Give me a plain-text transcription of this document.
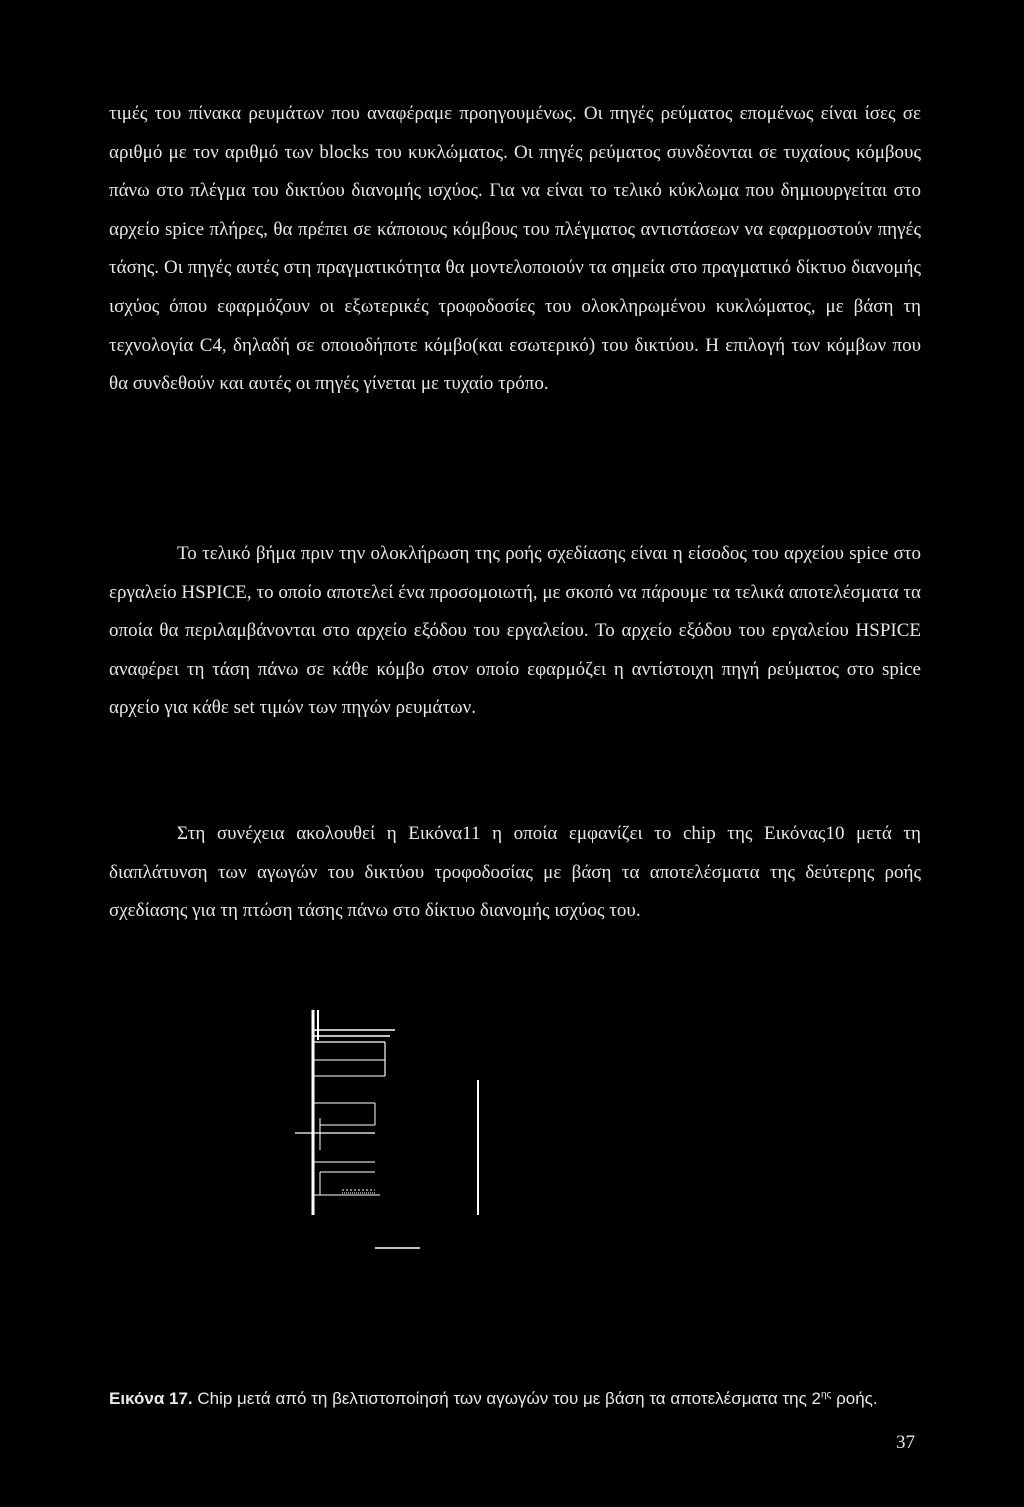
τιμές του πίνακα ρευμάτων που αναφέραμε προηγουμένως. Οι πηγές ρεύματος επομένως είναι ίσες σε αριθμό με τον αριθμό των blocks του κυκλώματος. Οι πηγές ρεύματος συνδέονται σε τυχαίους κόμβους πάνω στο πλέγμα του δικτύου διανομής ισχύος. Για να είναι το τελικό κύκλωμα που δημιουργείται στο αρχείο spice πλήρες, θα πρέπει σε κάποιους κόμβους του πλέγματος αντιστάσεων να εφαρμοστούν πηγές τάσης. Οι πηγές αυτές στη πραγματικότητα θα μοντελοποιούν τα σημεία στο πραγματικό δίκτυο διανομής ισχύος όπου εφαρμόζουν οι εξωτερικές τροφοδοσίες του ολοκληρωμένου κυκλώματος, με βάση τη τεχνολογία C4, δηλαδή σε οποιοδήποτε κόμβο(και εσωτερικό) του δικτύου. Η επιλογή των κόμβων που θα συνδεθούν και αυτές οι πηγές γίνεται με τυχαίο τρόπο.

Το τελικό βήμα πριν την ολοκλήρωση της ροής σχεδίασης είναι η είσοδος του αρχείου spice στο εργαλείο HSPICE, το οποίο αποτελεί ένα προσομοιωτή, με σκοπό να πάρουμε τα τελικά αποτελέσματα τα οποία θα περιλαμβάνονται στο αρχείο εξόδου του εργαλείου. Το αρχείο εξόδου του εργαλείου HSPICE αναφέρει τη τάση πάνω σε κάθε κόμβο στον οποίο εφαρμόζει η αντίστοιχη πηγή ρεύματος στο spice αρχείο για κάθε set τιμών των πηγών ρευμάτων.

Στη συνέχεια ακολουθεί η Εικόνα11 η οποία εμφανίζει το chip της Εικόνας10 μετά τη διαπλάτυνση των αγωγών του δικτύου τροφοδοσίας με βάση τα αποτελέσματα της δεύτερης ροής σχεδίασης για τη πτώση τάσης πάνω στο δίκτυο διανομής ισχύος του.

Εικόνα 17. Chip μετά από τη βελτιστοποίησή των αγωγών του με βάση τα αποτελέσματα της $2^{\eta\varsigma}$ ροής.

37
